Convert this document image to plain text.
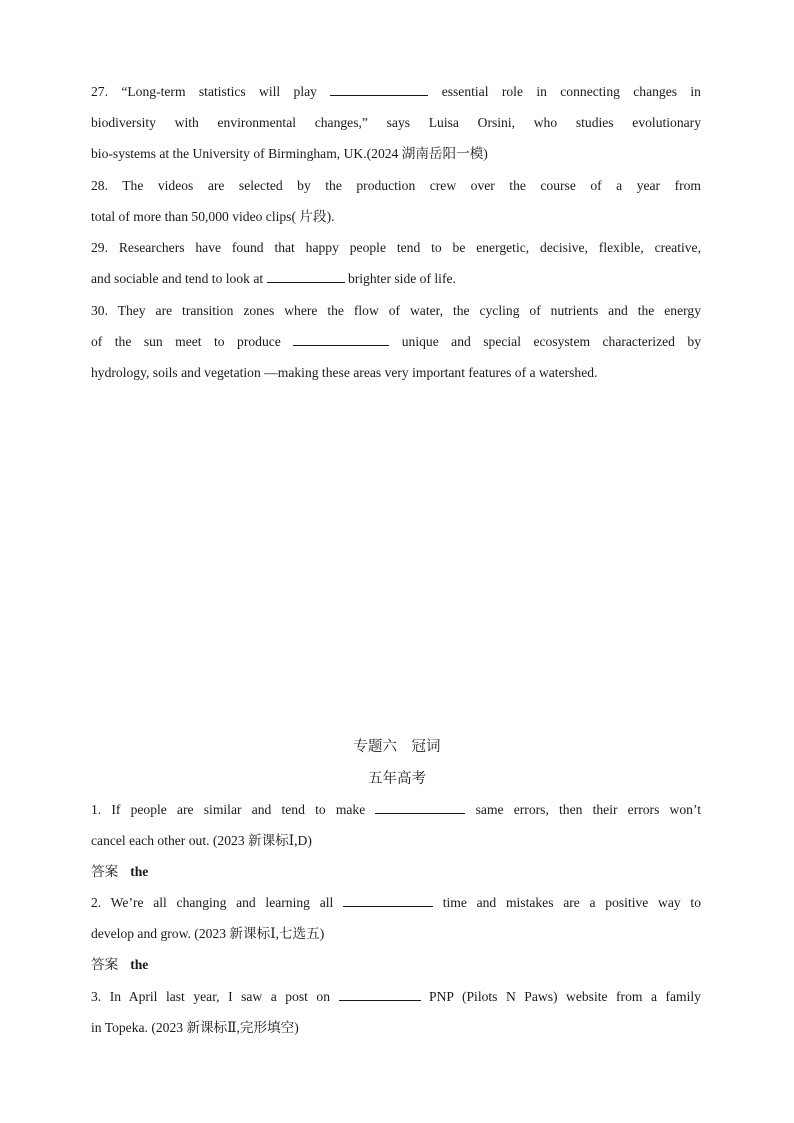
27. “Long-term statistics will play	essential role in connecting changes in
biodiversity with environmental changes,” says Luisa Orsini, who studies evolutionary
bio-systems at the University of Birmingham, UK.(2024 湖南岳阳一模)
28. The videos are selected by the production crew over the course of a year from
total of more than 50,000 video clips( 片段).
29. Researchers have found that happy people tend to be energetic, decisive, flexible, creative,
and sociable and tend to look at	brighter side of life.
30. They are transition zones where the flow of water, the cycling of nutrients and the energy
of the sun meet to produce	unique and special ecosystem characterized by
hydrology, soils and vegetation —making these areas very important features of a watershed.
专题六　冠词
五年高考
1. If people are similar and tend to make	same errors, then their errors won’t
cancel each other out. (2023 新课标Ⅰ,D)
答案 the
2. We’re all changing and learning all	time and mistakes are a positive way to
develop and grow. (2023 新课标Ⅰ,七选五)
答案 the
3. In April last year, I saw a post on	PNP (Pilots N Paws) website from a family
in Topeka. (2023 新课标Ⅱ,完形填空)
